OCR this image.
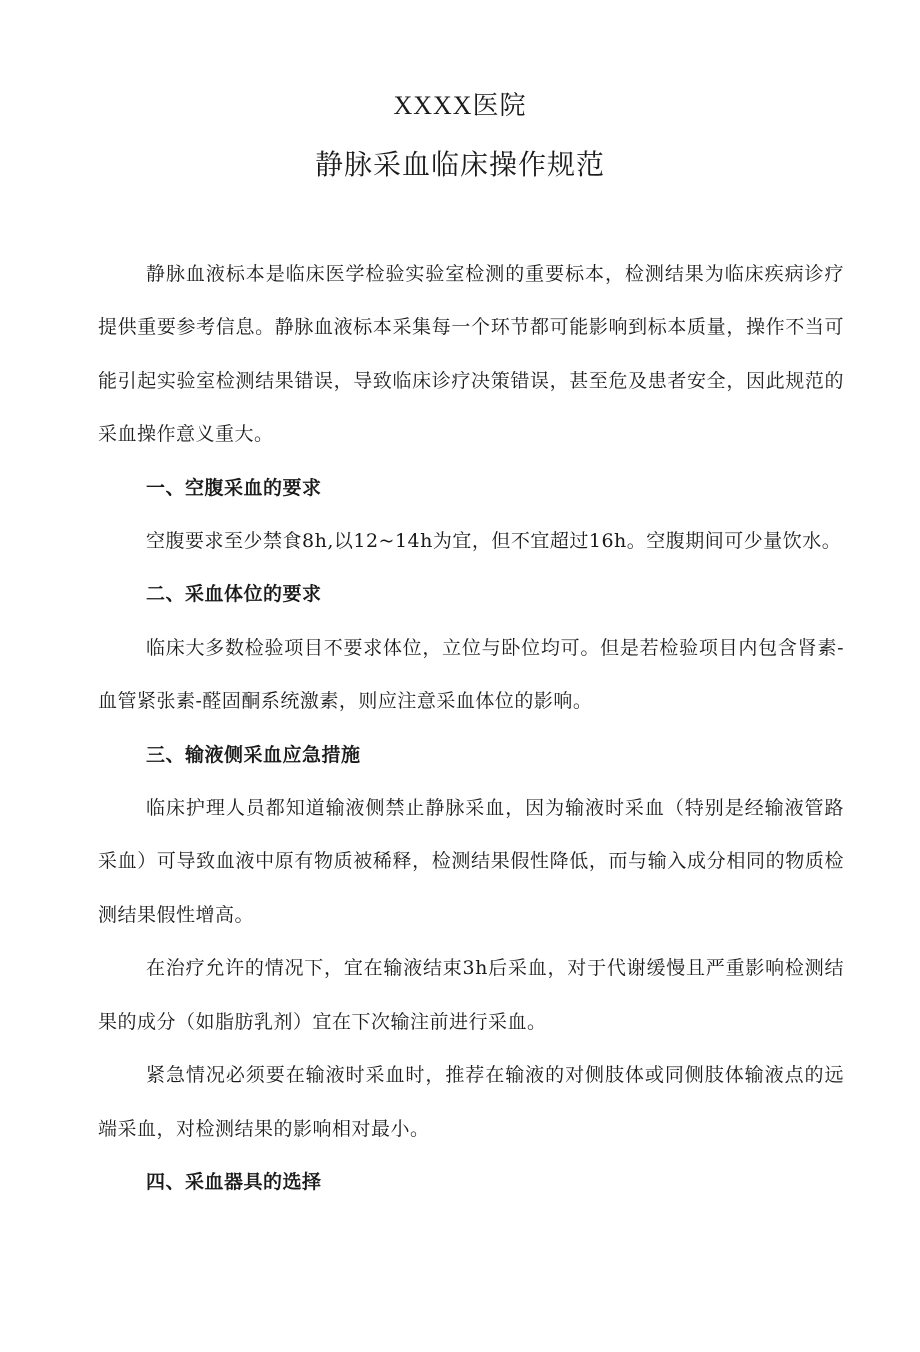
XXXX医院
静脉采血临床操作规范

静脉血液标本是临床医学检验实验室检测的重要标本，检测结果为临床疾病诊疗提供重要参考信息。静脉血液标本采集每一个环节都可能影响到标本质量，操作不当可能引起实验室检测结果错误，导致临床诊疗决策错误，甚至危及患者安全，因此规范的采血操作意义重大。

一、空腹采血的要求

空腹要求至少禁食8h,以12~14h为宜，但不宜超过16h。空腹期间可少量饮水。

二、采血体位的要求

临床大多数检验项目不要求体位，立位与卧位均可。但是若检验项目内包含肾素-血管紧张素-醛固酮系统激素，则应注意采血体位的影响。

三、输液侧采血应急措施

临床护理人员都知道输液侧禁止静脉采血，因为输液时采血（特别是经输液管路采血）可导致血液中原有物质被稀释，检测结果假性降低，而与输入成分相同的物质检测结果假性增高。

在治疗允许的情况下，宜在输液结束3h后采血，对于代谢缓慢且严重影响检测结果的成分（如脂肪乳剂）宜在下次输注前进行采血。

紧急情况必须要在输液时采血时，推荐在输液的对侧肢体或同侧肢体输液点的远端采血，对检测结果的影响相对最小。

四、采血器具的选择
